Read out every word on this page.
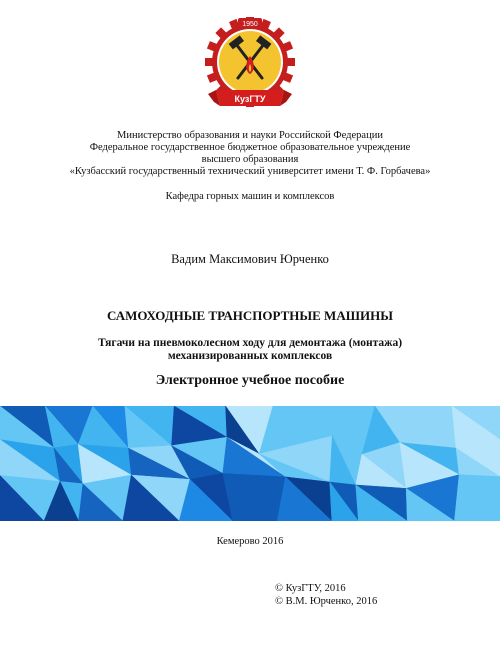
1950
КузГТУ
Министерство образования и науки Российской Федерации
Федеральное государственное бюджетное образовательное учреждение
высшего образования
«Кузбасский государственный технический университет имени Т. Ф. Горбачева»
Кафедра горных машин и комплексов
Вадим Максимович Юрченко
САМОХОДНЫЕ ТРАНСПОРТНЫЕ МАШИНЫ
Тягачи на пневмоколесном ходу для демонтажа (монтажа)
механизированных комплексов
Электронное учебное пособие
Кемерово 2016
© КузГТУ, 2016
© В.М. Юрченко, 2016
